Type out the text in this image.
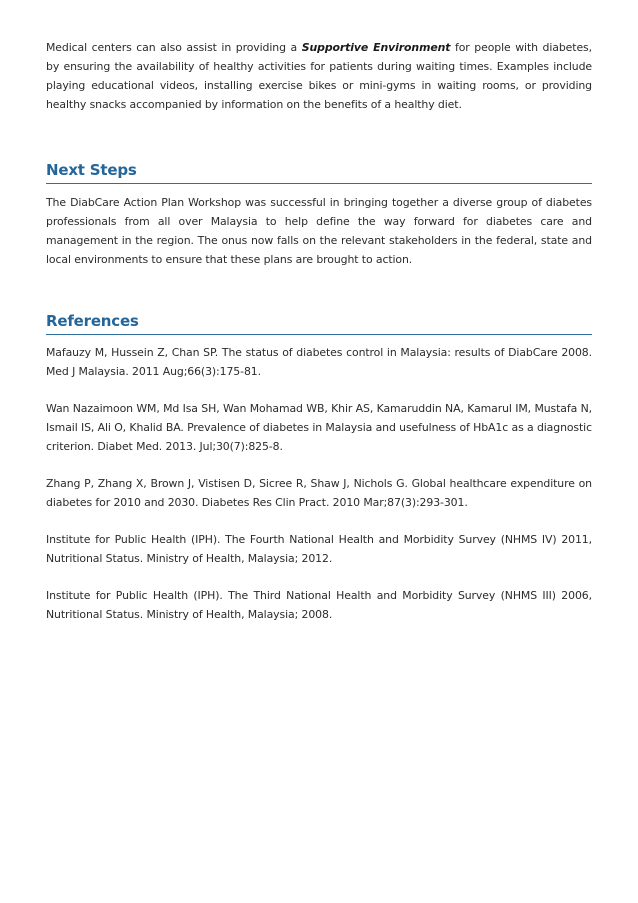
Medical centers can also assist in providing a Supportive Environment for people with diabetes, by ensuring the availability of healthy activities for patients during waiting times. Examples include playing educational videos, installing exercise bikes or mini-gyms in waiting rooms, or providing healthy snacks accompanied by information on the benefits of a healthy diet.

Next Steps

The DiabCare Action Plan Workshop was successful in bringing together a diverse group of diabetes professionals from all over Malaysia to help define the way forward for diabetes care and management in the region. The onus now falls on the relevant stakeholders in the federal, state and local environments to ensure that these plans are brought to action.

References

Mafauzy M, Hussein Z, Chan SP. The status of diabetes control in Malaysia: results of DiabCare 2008. Med J Malaysia. 2011 Aug;66(3):175-81.

Wan Nazaimoon WM, Md Isa SH, Wan Mohamad WB, Khir AS, Kamaruddin NA, Kamarul IM, Mustafa N, Ismail IS, Ali O, Khalid BA. Prevalence of diabetes in Malaysia and usefulness of HbA1c as a diagnostic criterion. Diabet Med. 2013. Jul;30(7):825-8.

Zhang P, Zhang X, Brown J, Vistisen D, Sicree R, Shaw J, Nichols G. Global healthcare expenditure on diabetes for 2010 and 2030. Diabetes Res Clin Pract. 2010 Mar;87(3):293-301.

Institute for Public Health (IPH). The Fourth National Health and Morbidity Survey (NHMS IV) 2011, Nutritional Status. Ministry of Health, Malaysia; 2012.

Institute for Public Health (IPH). The Third National Health and Morbidity Survey (NHMS III) 2006, Nutritional Status. Ministry of Health, Malaysia; 2008.
